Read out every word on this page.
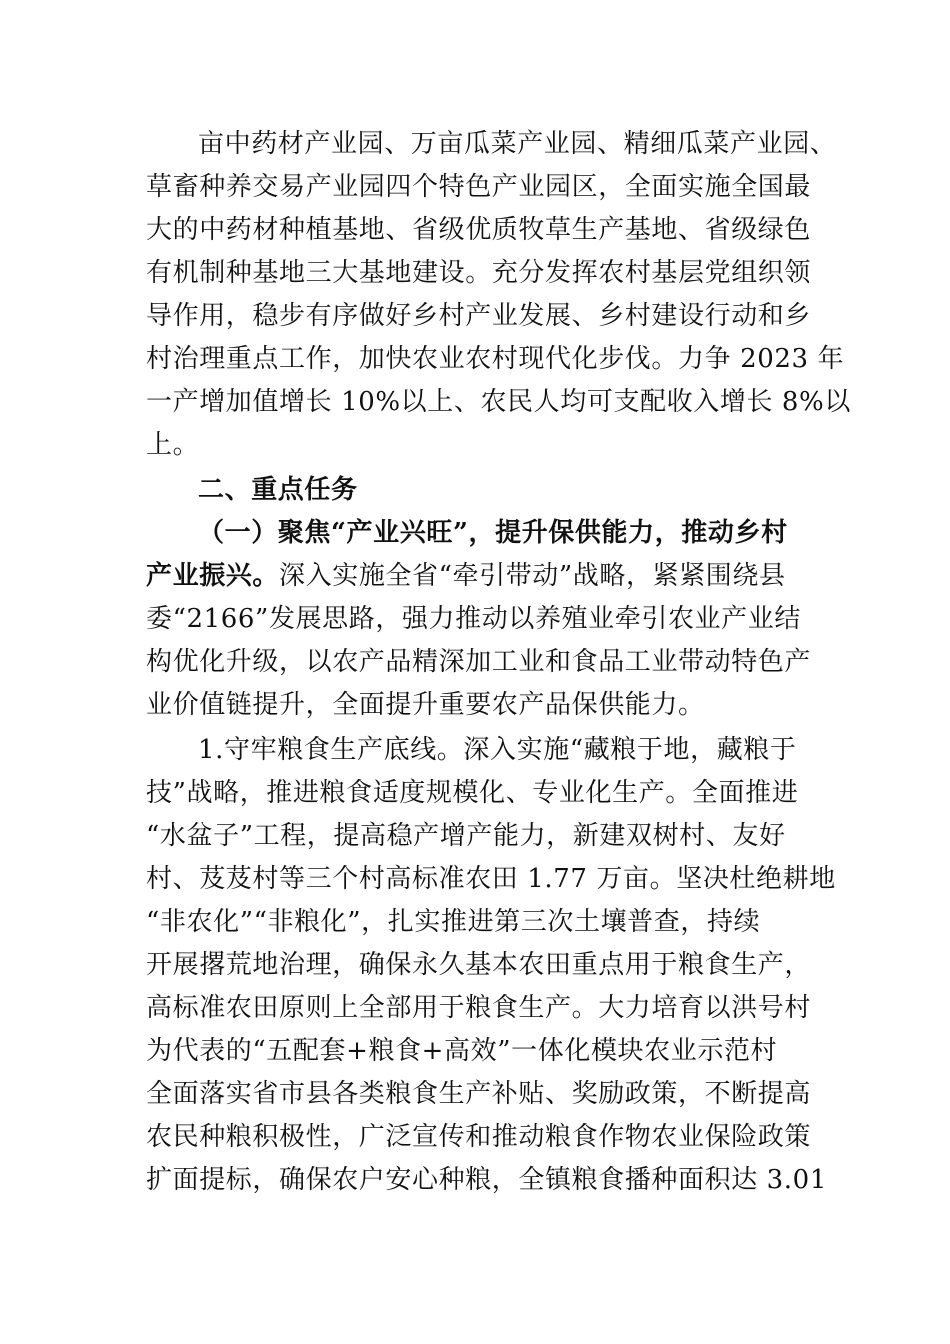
亩中药材产业园、万亩瓜菜产业园、精细瓜菜产业园、
草畜种养交易产业园四个特色产业园区，全面实施全国最
大的中药材种植基地、省级优质牧草生产基地、省级绿色
有机制种基地三大基地建设。充分发挥农村基层党组织领
导作用，稳步有序做好乡村产业发展、乡村建设行动和乡
村治理重点工作，加快农业农村现代化步伐。力争 2023 年
一产增加值增长 10%以上、农民人均可支配收入增长 8%以
上。
二、重点任务
（一）聚焦“产业兴旺”，提升保供能力，推动乡村
产业振兴。深入实施全省“牵引带动”战略，紧紧围绕县
委“2166”发展思路，强力推动以养殖业牵引农业产业结
构优化升级，以农产品精深加工业和食品工业带动特色产
业价值链提升，全面提升重要农产品保供能力。
1.守牢粮食生产底线。深入实施“藏粮于地，藏粮于
技”战略，推进粮食适度规模化、专业化生产。全面推进
“水盆子”工程，提高稳产增产能力，新建双树村、友好
村、芨芨村等三个村高标准农田 1.77 万亩。坚决杜绝耕地
“非农化”“非粮化”，扎实推进第三次土壤普查，持续
开展撂荒地治理，确保永久基本农田重点用于粮食生产，
高标准农田原则上全部用于粮食生产。大力培育以洪号村
为代表的“五配套+粮食+高效”一体化模块农业示范村
全面落实省市县各类粮食生产补贴、奖励政策，不断提高
农民种粮积极性，广泛宣传和推动粮食作物农业保险政策
扩面提标，确保农户安心种粮，全镇粮食播种面积达 3.01
